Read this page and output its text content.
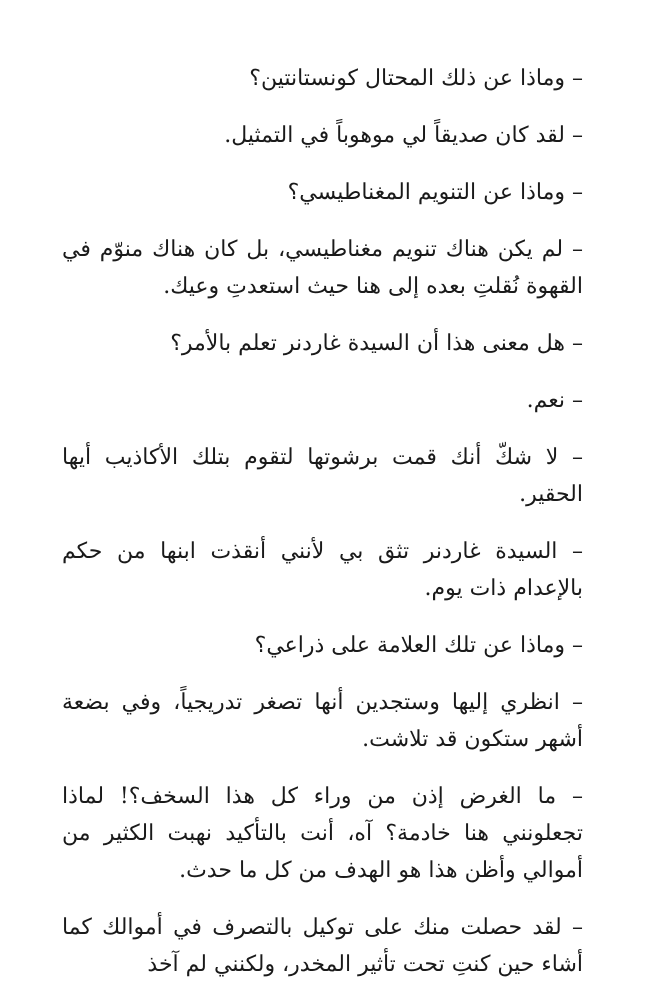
– وماذا عن ذلك المحتال كونستانتين؟

– لقد كان صديقاً لي موهوباً في التمثيل.

– وماذا عن التنويم المغناطيسي؟

– لم يكن هناك تنويم مغناطيسي، بل كان هناك منوّم في القهوة نُقلتِ بعده إلى هنا حيث استعدتِ وعيك.

– هل معنى هذا أن السيدة غاردنر تعلم بالأمر؟

– نعم.

– لا شكّ أنك قمت برشوتها لتقوم بتلك الأكاذيب أيها الحقير.

– السيدة غاردنر تثق بي لأنني أنقذت ابنها من حكم بالإعدام ذات يوم.

– وماذا عن تلك العلامة على ذراعي؟

– انظري إليها وستجدين أنها تصغر تدريجياً، وفي بضعة أشهر ستكون قد تلاشت.

– ما الغرض إذن من وراء كل هذا السخف؟! لماذا تجعلونني هنا خادمة؟ آه، أنت بالتأكيد نهبت الكثير من أموالي وأظن هذا هو الهدف من كل ما حدث.

– لقد حصلت منك على توكيل بالتصرف في أموالك كما أشاء حين كنتِ تحت تأثير المخدر، ولكنني لم آخذ
